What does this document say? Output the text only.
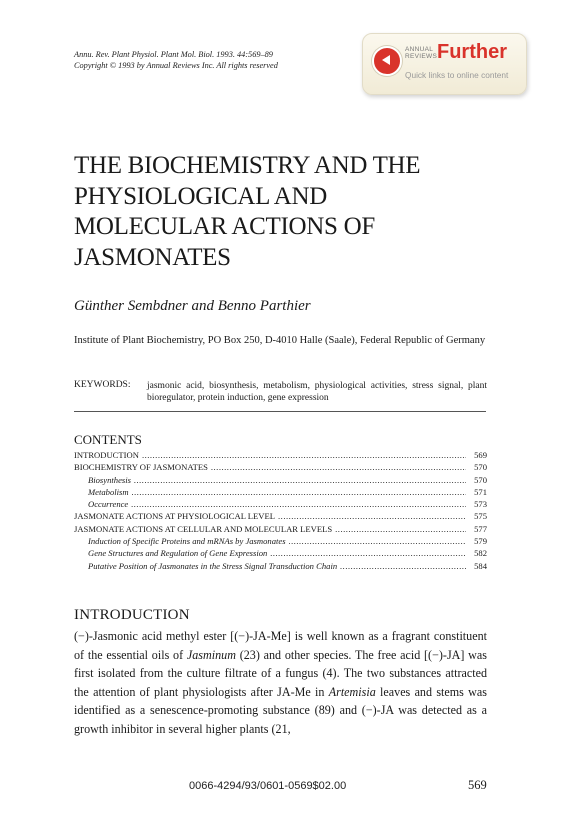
Annu. Rev. Plant Physiol. Plant Mol. Biol. 1993. 44:569–89
Copyright © 1993 by Annual Reviews Inc. All rights reserved
ANNUAL
REVIEWS Further
Quick links to online content
THE BIOCHEMISTRY AND THE
PHYSIOLOGICAL AND
MOLECULAR ACTIONS OF
JASMONATES
Günther Sembdner and Benno Parthier
Institute of Plant Biochemistry, PO Box 250, D-4010 Halle (Saale), Federal Republic of Germany
KEYWORDS: jasmonic acid, biosynthesis, metabolism, physiological activities, stress signal, plant bioregulator, protein induction, gene expression
CONTENTS
INTRODUCTION .....	569
BIOCHEMISTRY OF JASMONATES .....	570
Biosynthesis .....	570
Metabolism .....	571
Occurrence .....	573
JASMONATE ACTIONS AT PHYSIOLOGICAL LEVEL .....	575
JASMONATE ACTIONS AT CELLULAR AND MOLECULAR LEVELS .....	577
Induction of Specific Proteins and mRNAs by Jasmonates .....	579
Gene Structures and Regulation of Gene Expression .....	582
Putative Position of Jasmonates in the Stress Signal Transduction Chain .....	584
INTRODUCTION
(−)-Jasmonic acid methyl ester [(−)-JA-Me] is well known as a fragrant constituent of the essential oils of Jasminum (23) and other species. The free acid [(−)-JA] was first isolated from the culture filtrate of a fungus (4). The two substances attracted the attention of plant physiologists after JA-Me in Artemisia leaves and stems was identified as a senescence-promoting substance (89) and (−)-JA was detected as a growth inhibitor in several higher plants (21,
0066-4294/93/0601-0569$02.00	569
